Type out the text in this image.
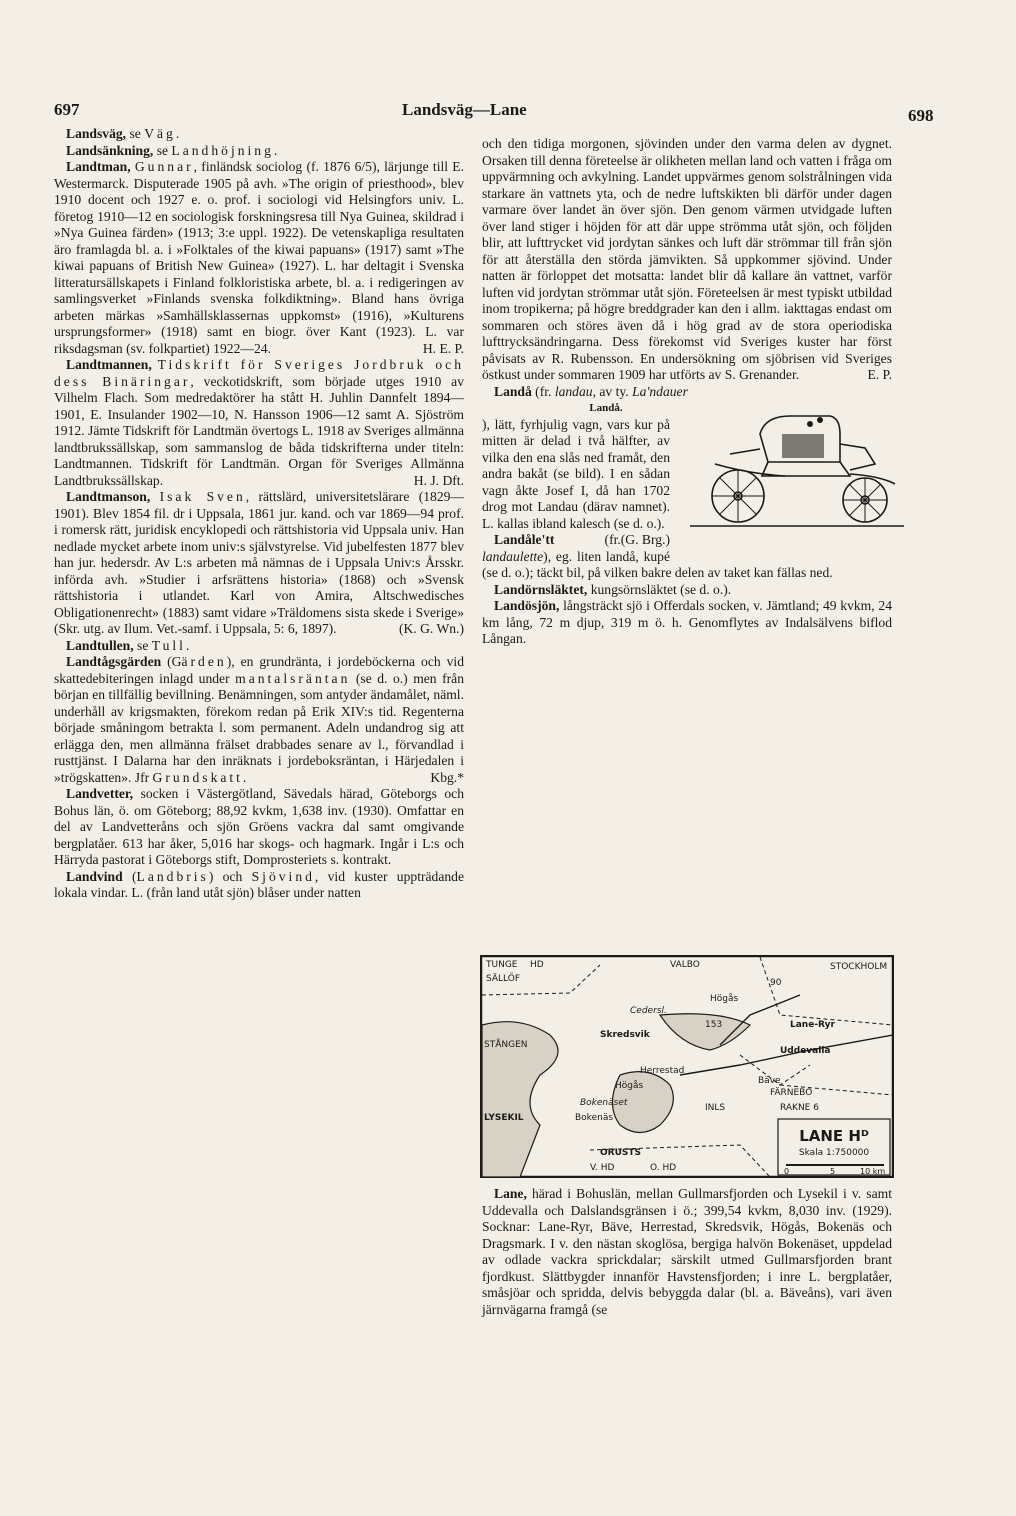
697	Landsväg—Lane	698

Landsväg, se Väg.

Landsänkning, se Landhöjning.

Landtman, Gunnar, finländsk sociolog (f. 1876 6/5), lärjunge till E. Westermarck. Disputerade 1905 på avh. »The origin of priesthood», blev 1910 docent och 1927 e. o. prof. i sociologi vid Helsingfors univ. L. företog 1910—12 en sociologisk forskningsresa till Nya Guinea, skildrad i »Nya Guinea färden» (1913; 3:e uppl. 1922). De vetenskapliga resultaten äro framlagda bl. a. i »Folktales of the kiwai papuans» (1917) samt »The kiwai papuans of British New Guinea» (1927). L. har deltagit i Svenska litteratursällskapets i Finland folkloristiska arbete, bl. a. i redigeringen av samlingsverket »Finlands svenska folkdiktning». Bland hans övriga arbeten märkas »Samhällsklassernas uppkomst» (1916), »Kulturens ursprungsformer» (1918) samt en biogr. över Kant (1923). L. var riksdagsman (sv. folkpartiet) 1922—24.	H. E. P.

Landtmannen, Tidskrift för Sveriges Jordbruk och dess Binäringar, veckotidskrift, som började utges 1910 av Vilhelm Flach. Som medredaktörer ha stått H. Juhlin Dannfelt 1894—1901, E. Insulander 1902—10, N. Hansson 1906—12 samt A. Sjöström 1912. Jämte Tidskrift för Landtmän övertogs L. 1918 av Sveriges allmänna landtbrukssällskap, som sammanslog de båda tidskrifterna under titeln: Landtmannen. Tidskrift för Landtmän. Organ för Sveriges Allmänna Landtbrukssällskap.	H. J. Dft.

Landtmanson, Isak Sven, rättslärd, universitetslärare (1829—1901). Blev 1854 fil. dr i Uppsala, 1861 jur. kand. och var 1869—94 prof. i romersk rätt, juridisk encyklopedi och rättshistoria vid Uppsala univ. Han nedlade mycket arbete inom univ:s självstyrelse. Vid jubelfesten 1877 blev han jur. hedersdr. Av L:s arbeten må nämnas de i Uppsala Univ:s Årsskr. införda avh. »Studier i arfsrättens historia» (1868) och »Svensk rättshistoria i utlandet. Karl von Amira, Altschwedisches Obligationenrecht» (1883) samt vidare »Träldomens sista skede i Sverige» (Skr. utg. av Ilum. Vet.-samf. i Uppsala, 5: 6, 1897).	(K. G. Wn.)

Landtullen, se Tull.

Landtågsgärden (Gärden), en grundränta, i jordeböckerna och vid skattedebiteringen inlagd under mantalsräntan (se d. o.) men från början en tillfällig bevillning. Benämningen, som antyder ändamålet, näml. underhåll av krigsmakten, förekom redan på Erik XIV:s tid. Regenterna började småningom betrakta l. som permanent. Adeln undandrog sig att erlägga den, men allmänna frälset drabbades senare av l., förvandlad i rusttjänst. I Dalarna har den inräknats i jordeboksräntan, i Härjedalen i »trögskatten». Jfr Grundskatt.	Kbg.*

Landvetter, socken i Västergötland, Sävedals härad, Göteborgs och Bohus län, ö. om Göteborg; 88,92 kvkm, 1,638 inv. (1930). Omfattar en del av Landvetteråns och sjön Gröens vackra dal samt omgivande bergplatåer. 613 har åker, 5,016 har skogs- och hagmark. Ingår i L:s och Härryda pastorat i Göteborgs stift, Domprosteriets s. kontrakt.

Landvind (Landbris) och Sjövind, vid kuster uppträdande lokala vindar. L. (från land utåt sjön) blåser under natten

och den tidiga morgonen, sjövinden under den varma delen av dygnet. Orsaken till denna företeelse är olikheten mellan land och vatten i fråga om uppvärmning och avkylning. Landet uppvärmes genom solstrålningen vida starkare än vattnets yta, och de nedre luftskikten bli därför under dagen varmare över landet än över sjön. Den genom värmen utvidgade luften över land stiger i höjden för att där uppe strömma utåt sjön, och följden blir, att lufttrycket vid jordytan sänkes och luft där strömmar till från sjön för att återställa den störda jämvikten. Så uppkommer sjövind. Under natten är förloppet det motsatta: landet blir då kallare än vattnet, varför luften vid jordytan strömmar utåt sjön. Företeelsen är mest typiskt utbildad inom tropikerna; på högre breddgrader kan den i allm. iakttagas endast om sommaren och störes även då i hög grad av de stora operiodiska lufttrycksändringarna. Dess förekomst vid Sveriges kuster har först påvisats av R. Rubensson. En undersökning om sjöbrisen vid Sveriges östkust under sommaren 1909 har utförts av S. Grenander.	E. P.

Landå (fr. landau, av ty. La'ndauer

Landå.
), lätt, fyrhjulig vagn, vars kur på mitten är delad i två hälfter, av vilka den ena slås ned framåt, den andra bakåt (se bild). I en sådan vagn åkte Josef I, då han 1702 drog mot Landau (därav namnet). L. kallas ibland kalesch (se d. o.).
(G. Brg.)

Landåle'tt (fr. landaulette), eg. liten landå, kupé (se d. o.); täckt bil, på vilken bakre delen av taket kan fällas ned.

Landörnsläktet, kungsörnsläktet (se d. o.).

Landösjön, långsträckt sjö i Offerdals socken, v. Jämtland; 49 kvkm, 24 km lång, 72 m djup, 319 m ö. h. Genomflytes av Indalsälvens biflod Långan.

TUNGE HD	VALBO
SÄLLÖF
STOCKHOLM
Cedersl.
Högås
90
153
STÅNGEN
Skredsvik
Lane-Ryr
Uddevalla
Herrestad
Bäve
Högås
Bokenäset
Bokenäs
LYSEKIL
INLS	RAKNE 6
FÄRNEBO
ORUSTS
V. HD	O. HD
LANE Hᴰ
Skala 1:750000
0	5	10 km

Lane, härad i Bohuslän, mellan Gullmarsfjorden och Lysekil i v. samt Uddevalla och Dalslandsgränsen i ö.; 399,54 kvkm, 8,030 inv. (1929). Socknar: Lane-Ryr, Bäve, Herrestad, Skredsvik, Högås, Bokenäs och Dragsmark. I v. den nästan skoglösa, bergiga halvön Bokenäset, uppdelad av odlade vackra sprickdalar; särskilt utmed Gullmarsfjorden brant fjordkust. Slättbygder innanför Havstensfjorden; i inre L. bergplatåer, småsjöar och spridda, delvis bebyggda dalar (bl. a. Bäveåns), vari även järnvägarna framgå (se
